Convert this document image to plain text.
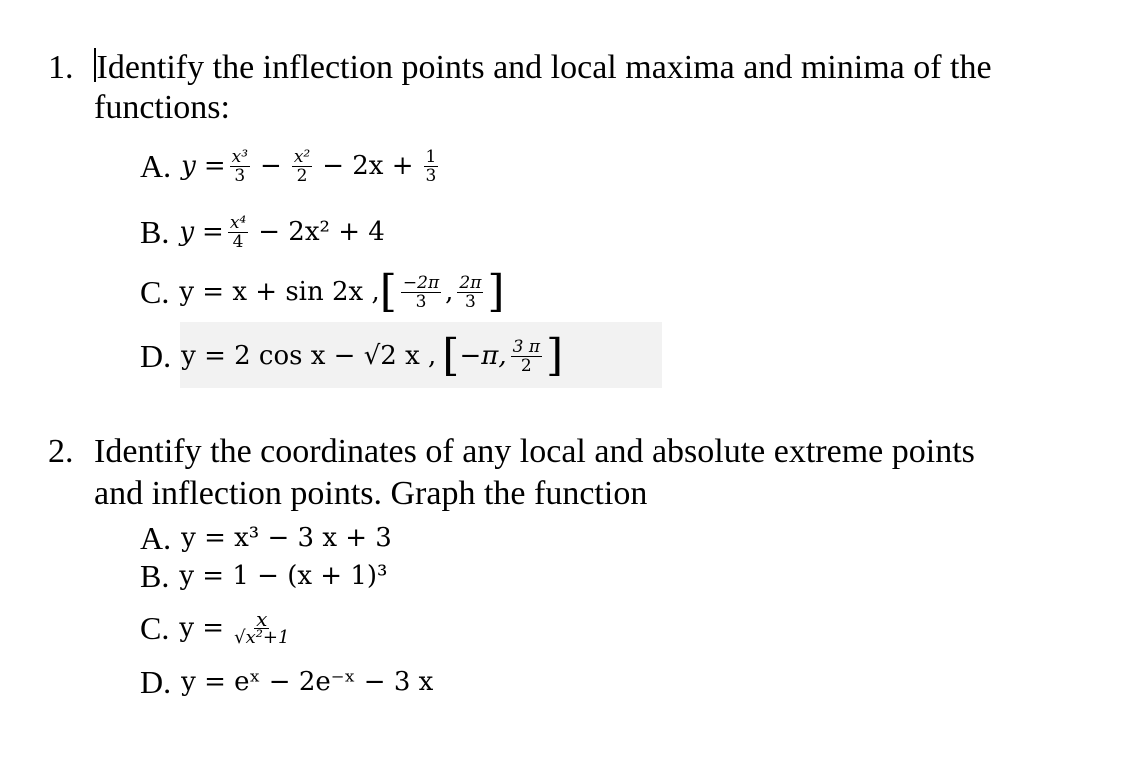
1. Identify the inflection points and local maxima and minima of the
functions:
A. $y = \frac{\text{x³}}{3} - \frac{\text{x²}}{2} - 2x + \frac{1}{3}$
B. $y = \frac{\text{x⁴}}{4} - 2x^2 + 4$
C. y = x + sin 2x , [ $\frac{-2\pi}{3}$ , $\frac{2\pi}{3}$ ]
D. y = 2 cos x − √2 x , [ −π, $\frac{3 \pi}{2}$ ]
2. Identify the coordinates of any local and absolute extreme points
and inflection points. Graph the function
A. y = x³ − 3 x + 3
B. y = 1 − (x + 1)³
C. $y = \frac{x}{\text{√x²+1}}$
D. y = eˣ − 2e⁻ˣ − 3 x
